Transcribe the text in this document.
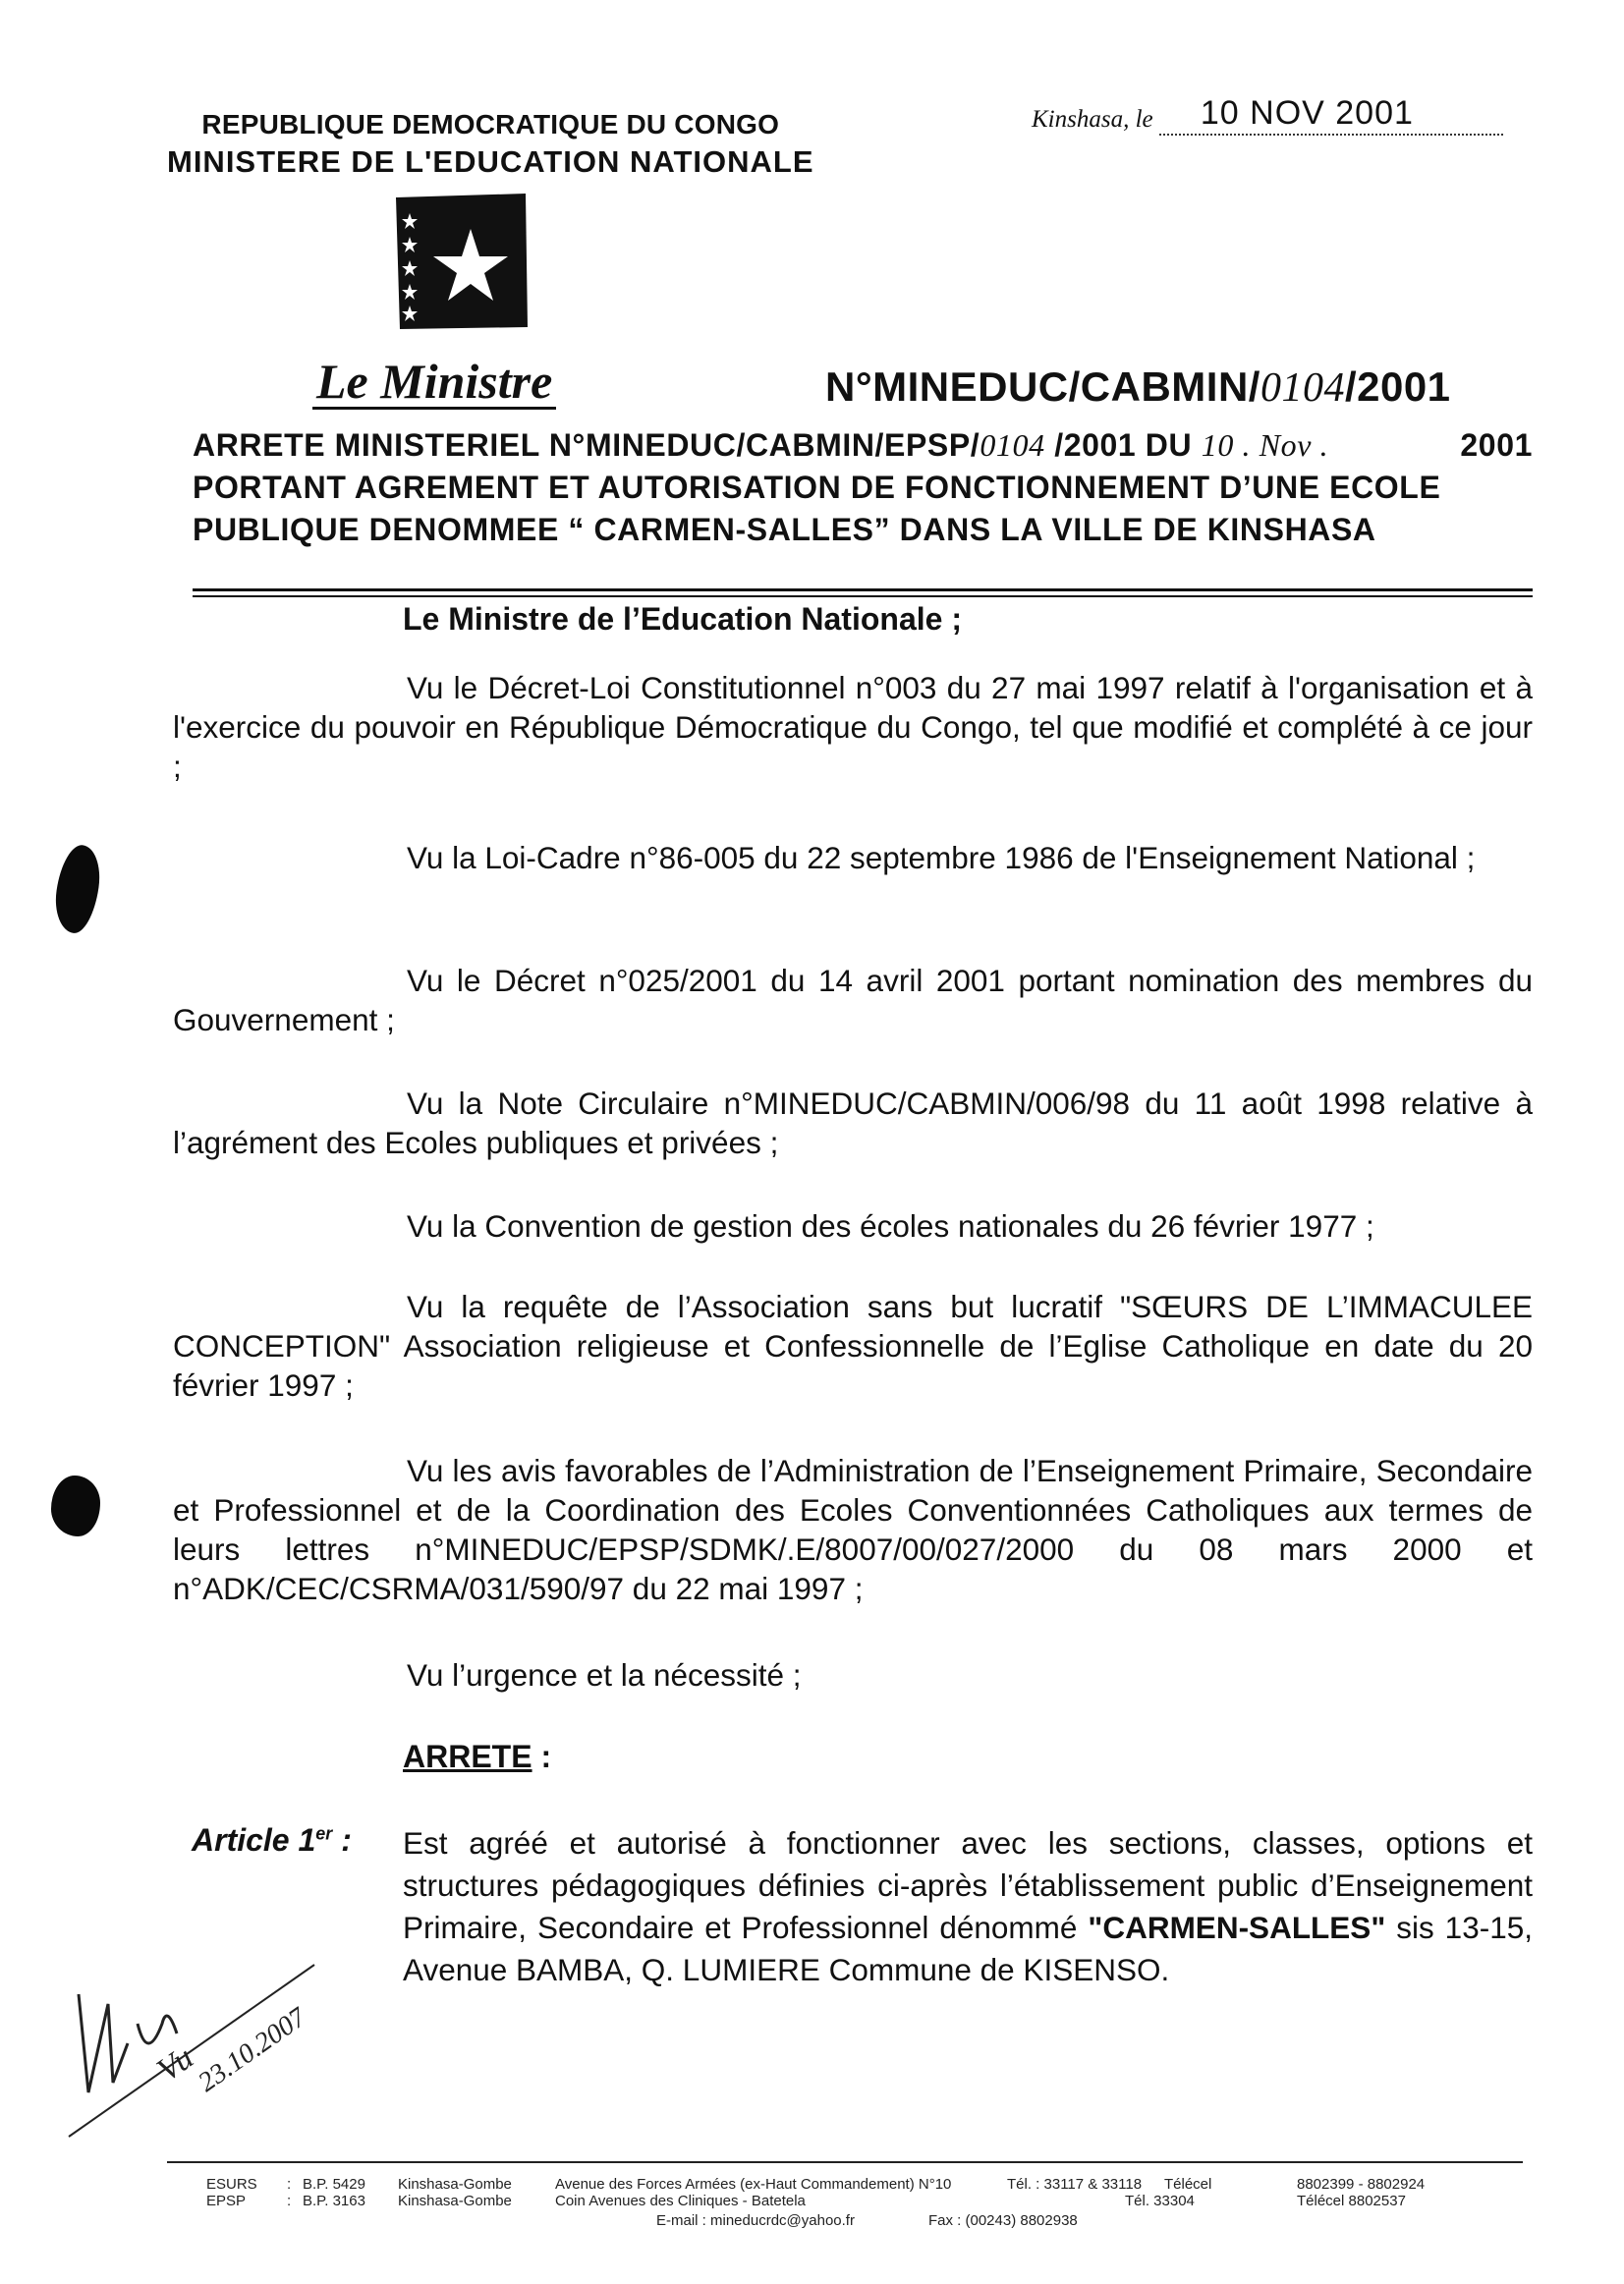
REPUBLIQUE DEMOCRATIQUE DU CONGO
MINISTERE DE L'EDUCATION NATIONALE
Kinshasa, le 10 NOV 2001
Le Ministre	N°MINEDUC/CABMIN/0104/2001
ARRETE MINISTERIEL N°MINEDUC/CABMIN/EPSP/0104 /2001 DU 10 . Nov .	2001
PORTANT AGREMENT ET AUTORISATION DE FONCTIONNEMENT D’UNE ECOLE
PUBLIQUE DENOMMEE “ CARMEN-SALLES” DANS LA VILLE DE KINSHASA
Le Ministre de l’Education Nationale ;
Vu le Décret-Loi Constitutionnel n°003 du 27 mai 1997 relatif à l'organisation et à l'exercice du pouvoir en République Démocratique du Congo, tel que modifié et complété à ce jour ;
Vu la Loi-Cadre n°86-005 du 22 septembre 1986 de l'Enseignement National ;
Vu le Décret n°025/2001 du 14 avril 2001 portant nomination des membres du Gouvernement ;
Vu la Note Circulaire n°MINEDUC/CABMIN/006/98 du 11 août 1998 relative à l’agrément des Ecoles publiques et privées ;
Vu la Convention de gestion des écoles nationales du 26 février 1977 ;
Vu la requête de l’Association sans but lucratif "SŒURS DE L’IMMACULEE CONCEPTION" Association religieuse et Confessionnelle de l’Eglise Catholique en date du 20 février 1997 ;
Vu les avis favorables de l’Administration de l’Enseignement Primaire, Secondaire et Professionnel et de la Coordination des Ecoles Conventionnées Catholiques aux termes de leurs lettres n°MINEDUC/EPSP/SDMK/.E/8007/00/027/2000 du 08 mars 2000 et n°ADK/CEC/CSRMA/031/590/97 du 22 mai 1997 ;
Vu l’urgence et la nécessité ;
ARRETE :
Article 1er : Est agréé et autorisé à fonctionner avec les sections, classes, options et structures pédagogiques définies ci-après l’établissement public d’Enseignement Primaire, Secondaire et Professionnel dénommé "CARMEN-SALLES" sis 13-15, Avenue BAMBA, Q. LUMIERE Commune de KISENSO.
Vu
23.10.2007
ESURS
EPSP
:
:
B.P. 5429
B.P. 3163
Kinshasa-Gombe
Kinshasa-Gombe
Avenue des Forces Armées (ex-Haut Commandement) N°10
Coin Avenues des Cliniques - Batetela
E-mail : mineducrdc@yahoo.fr
Tél. : 33117 & 33118 Télécel
Tél. 33304
Fax : (00243) 8802938
8802399 - 8802924
Télécel 8802537
